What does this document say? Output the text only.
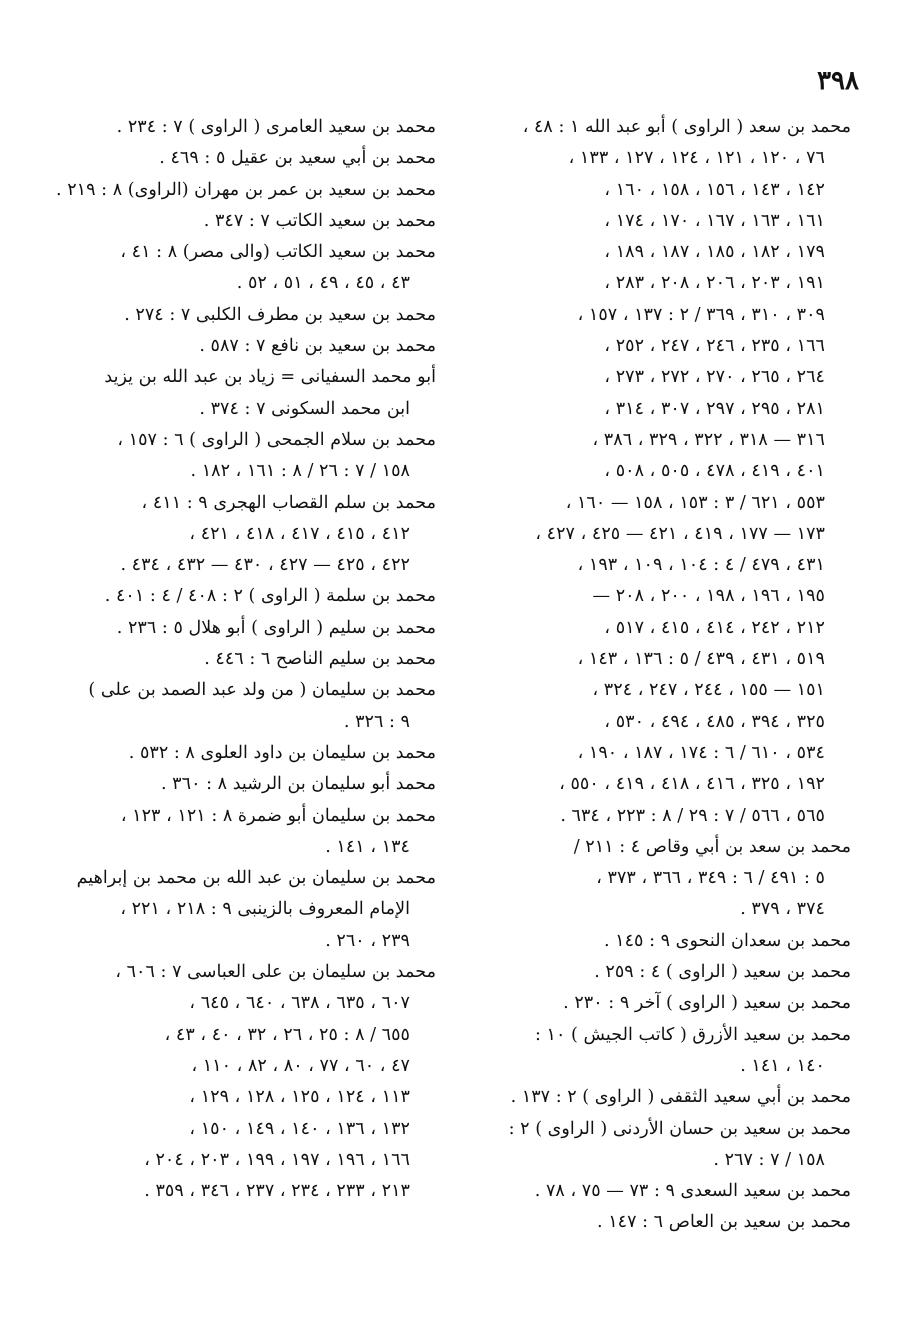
٣٩٨
محمد بن سعد ( الراوى ) أبو عبد الله ١ : ٤٨ ،
٧٦ ، ١٢٠ ، ١٢١ ، ١٢٤ ، ١٢٧ ، ١٣٣ ،
١٤٢ ، ١٤٣ ، ١٥٦ ، ١٥٨ ، ١٦٠ ،
١٦١ ، ١٦٣ ، ١٦٧ ، ١٧٠ ، ١٧٤ ،
١٧٩ ، ١٨٢ ، ١٨٥ ، ١٨٧ ، ١٨٩ ،
١٩١ ، ٢٠٣ ، ٢٠٦ ، ٢٠٨ ، ٢٨٣ ،
٣٠٩ ، ٣١٠ ، ٣٦٩ / ٢ : ١٣٧ ، ١٥٧ ،
١٦٦ ، ٢٣٥ ، ٢٤٦ ، ٢٤٧ ، ٢٥٢ ،
٢٦٤ ، ٢٦٥ ، ٢٧٠ ، ٢٧٢ ، ٢٧٣ ،
٢٨١ ، ٢٩٥ ، ٢٩٧ ، ٣٠٧ ، ٣١٤ ،
٣١٦ — ٣١٨ ، ٣٢٢ ، ٣٢٩ ، ٣٨٦ ،
٤٠١ ، ٤١٩ ، ٤٧٨ ، ٥٠٥ ، ٥٠٨ ،
٥٥٣ ، ٦٢١ / ٣ : ١٥٣ ، ١٥٨ — ١٦٠ ،
١٧٣ — ١٧٧ ، ٤١٩ ، ٤٢١ — ٤٢٥ ، ٤٢٧ ،
٤٣١ ، ٤٧٩ / ٤ : ١٠٤ ، ١٠٩ ، ١٩٣ ،
١٩٥ ، ١٩٦ ، ١٩٨ ، ٢٠٠ ، ٢٠٨ —
٢١٢ ، ٢٤٢ ، ٤١٤ ، ٤١٥ ، ٥١٧ ،
٥١٩ ، ٤٣١ ، ٤٣٩ / ٥ : ١٣٦ ، ١٤٣ ،
١٥١ — ١٥٥ ، ٢٤٤ ، ٢٤٧ ، ٣٢٤ ،
٣٢٥ ، ٣٩٤ ، ٤٨٥ ، ٤٩٤ ، ٥٣٠ ،
٥٣٤ ، ٦١٠ / ٦ : ١٧٤ ، ١٨٧ ، ١٩٠ ،
١٩٢ ، ٣٢٥ ، ٤١٦ ، ٤١٨ ، ٤١٩ ، ٥٥٠ ،
٥٦٥ ، ٥٦٦ / ٧ : ٢٩ / ٨ : ٢٢٣ ، ٦٣٤ .
محمد بن سعد بن أبي وقاص ٤ : ٢١١ /
٥ : ٤٩١ / ٦ : ٣٤٩ ، ٣٦٦ ، ٣٧٣ ،
٣٧٤ ، ٣٧٩ .
محمد بن سعدان النحوى ٩ : ١٤٥ .
محمد بن سعيد ( الراوى ) ٤ : ٢٥٩ .
محمد بن سعيد ( الراوى ) آخر ٩ : ٢٣٠ .
محمد بن سعيد الأزرق ( كاتب الجيش ) ١٠ :
١٤٠ ، ١٤١ .
محمد بن أبي سعيد الثقفى ( الراوى ) ٢ : ١٣٧ .
محمد بن سعيد بن حسان الأردنى ( الراوى ) ٢ :
١٥٨ / ٧ : ٢٦٧ .
محمد بن سعيد السعدى ٩ : ٧٣ — ٧٥ ، ٧٨ .
محمد بن سعيد بن العاص ٦ : ١٤٧ .
محمد بن سعيد العامرى ( الراوى ) ٧ : ٢٣٤ .
محمد بن أبي سعيد بن عقيل ٥ : ٤٦٩ .
محمد بن سعيد بن عمر بن مهران (الراوى) ٨ : ٢١٩ .
محمد بن سعيد الكاتب ٧ : ٣٤٧ .
محمد بن سعيد الكاتب (والى مصر) ٨ : ٤١ ،
٤٣ ، ٤٥ ، ٤٩ ، ٥١ ، ٥٢ .
محمد بن سعيد بن مطرف الكلبى ٧ : ٢٧٤ .
محمد بن سعيد بن نافع ٧ : ٥٨٧ .
أبو محمد السفيانى = زياد بن عبد الله بن يزيد
ابن محمد السكونى ٧ : ٣٧٤ .
محمد بن سلام الجمحى ( الراوى ) ٦ : ١٥٧ ،
١٥٨ / ٧ : ٢٦ / ٨ : ١٦١ ، ١٨٢ .
محمد بن سلم القصاب الهجرى ٩ : ٤١١ ،
٤١٢ ، ٤١٥ ، ٤١٧ ، ٤١٨ ، ٤٢١ ،
٤٢٢ ، ٤٢٥ — ٤٢٧ ، ٤٣٠ — ٤٣٢ ، ٤٣٤ .
محمد بن سلمة ( الراوى ) ٢ : ٤٠٨ / ٤ : ٤٠١ .
محمد بن سليم ( الراوى ) أبو هلال ٥ : ٢٣٦ .
محمد بن سليم الناصح ٦ : ٤٤٦ .
محمد بن سليمان ( من ولد عبد الصمد بن على )
٩ : ٣٢٦ .
محمد بن سليمان بن داود العلوى ٨ : ٥٣٢ .
محمد أبو سليمان بن الرشيد ٨ : ٣٦٠ .
محمد بن سليمان أبو ضمرة ٨ : ١٢١ ، ١٢٣ ،
١٣٤ ، ١٤١ .
محمد بن سليمان بن عبد الله بن محمد بن إبراهيم
الإمام المعروف بالزينبى ٩ : ٢١٨ ، ٢٢١ ،
٢٣٩ ، ٢٦٠ .
محمد بن سليمان بن على العباسى ٧ : ٦٠٦ ،
٦٠٧ ، ٦٣٥ ، ٦٣٨ ، ٦٤٠ ، ٦٤٥ ،
٦٥٥ / ٨ : ٢٥ ، ٢٦ ، ٣٢ ، ٤٠ ، ٤٣ ،
٤٧ ، ٦٠ ، ٧٧ ، ٨٠ ، ٨٢ ، ١١٠ ،
١١٣ ، ١٢٤ ، ١٢٥ ، ١٢٨ ، ١٢٩ ،
١٣٢ ، ١٣٦ ، ١٤٠ ، ١٤٩ ، ١٥٠ ،
١٦٦ ، ١٩٦ ، ١٩٧ ، ١٩٩ ، ٢٠٣ ، ٢٠٤ ،
٢١٣ ، ٢٣٣ ، ٢٣٤ ، ٢٣٧ ، ٣٤٦ ، ٣٥٩ .
